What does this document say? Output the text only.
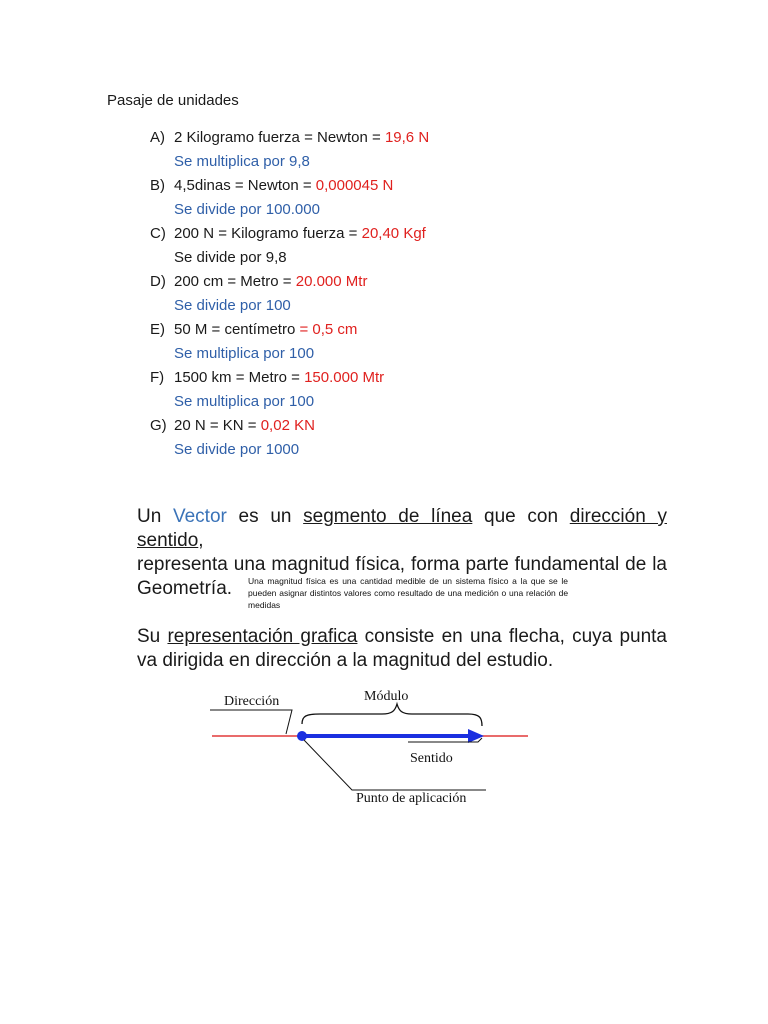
Pasaje de unidades
A) 2 Kilogramo fuerza = Newton = 19,6 N
Se multiplica por 9,8
B) 4,5dinas = Newton = 0,000045 N
Se divide por 100.000
C) 200 N = Kilogramo fuerza = 20,40 Kgf
Se divide por 9,8
D) 200 cm = Metro = 20.000 Mtr
Se divide por 100
E) 50 M = centímetro = 0,5 cm
Se multiplica por 100
F) 1500 km = Metro = 150.000 Mtr
Se multiplica por 100
G) 20 N = KN = 0,02 KN
Se divide por 1000

Un Vector es un segmento de línea que con dirección y sentido,

representa una magnitud física, forma parte fundamental de la

Geometría. Una magnitud física es una cantidad medible de un sistema físico a la que se le pueden asignar distintos valores como resultado de una medición o una relación de medidas

Su representación grafica consiste en una flecha, cuya punta va dirigida en dirección a la magnitud del estudio.

Dirección	Módulo
Sentido
Punto de aplicación
